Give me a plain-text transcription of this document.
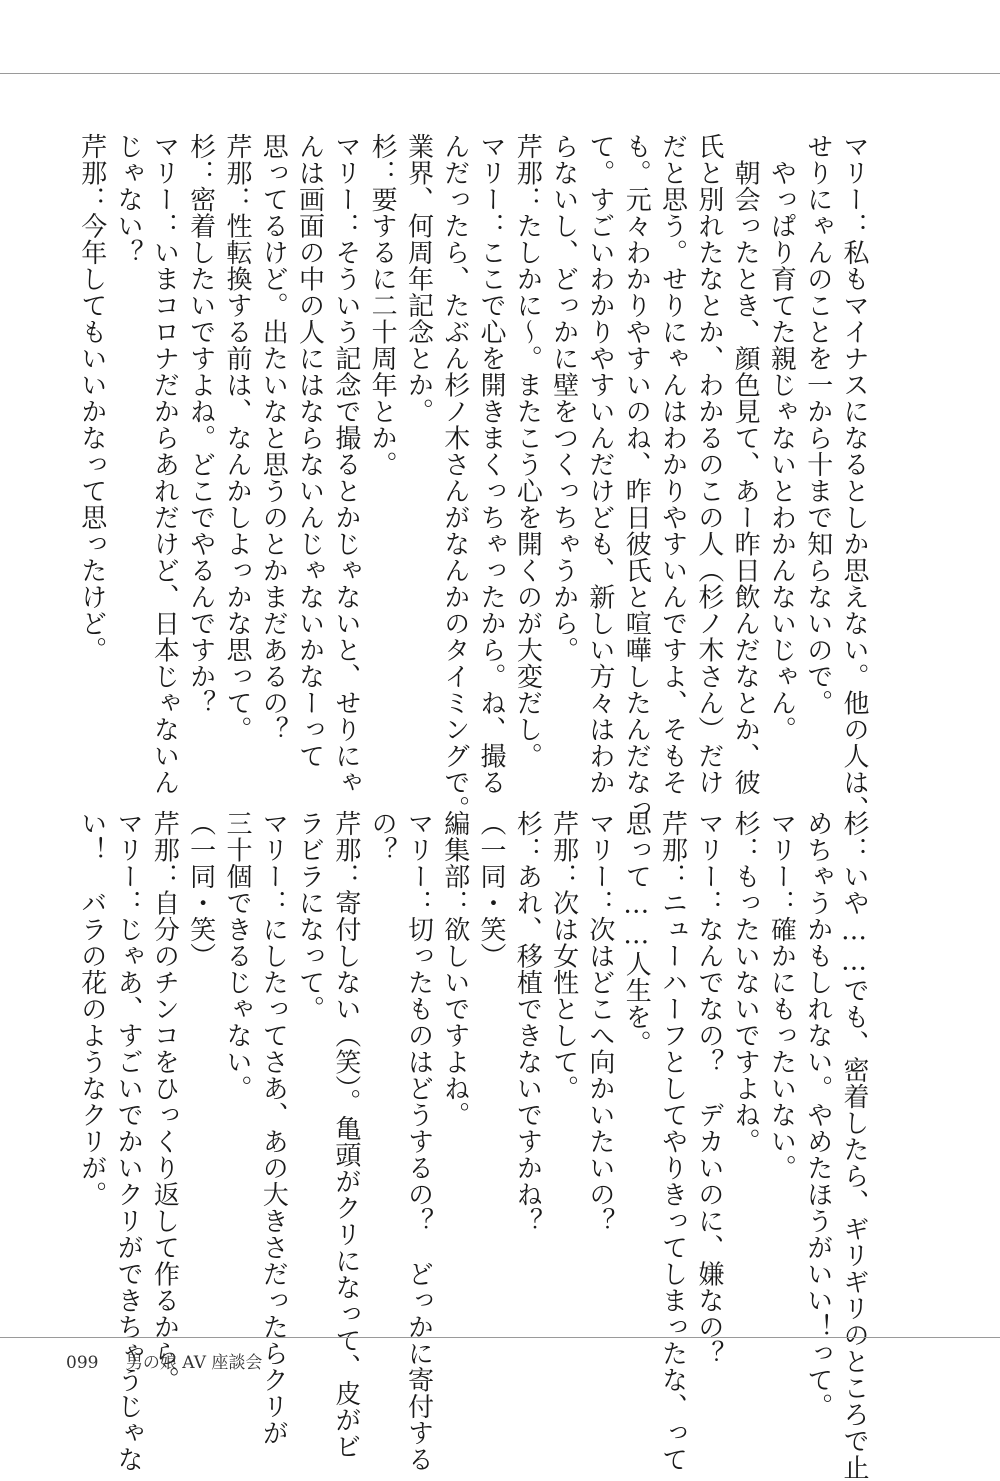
マリー：私もマイナスになるとしか思えない。他の人は、
せりにゃんのことを一から十まで知らないので。
　やっぱり育てた親じゃないとわかんないじゃん。
　朝会ったとき、顔色見て、あー昨日飲んだなとか、彼
氏と別れたなとか、わかるのこの人（杉ノ木さん）だけ
だと思う。せりにゃんはわかりやすいんですよ、そもそ
も。元々わかりやすいのね、昨日彼氏と喧嘩したんだなっ
て。すごいわかりやすいんだけども、新しい方々はわか
らないし、どっかに壁をつくっちゃうから。
芹那：たしかに～。またこう心を開くのが大変だし。
マリー：ここで心を開きまくっちゃったから。ね、撮る
んだったら、たぶん杉ノ木さんがなんかのタイミングで。
業界、何周年記念とか。
杉：要するに二十周年とか。
マリー：そういう記念で撮るとかじゃないと、せりにゃ
んは画面の中の人にはならないんじゃないかなーって
思ってるけど。出たいなと思うのとかまだあるの？
芹那：性転換する前は、なんかしよっかな思って。
杉：密着したいですよね。どこでやるんですか？
マリー：いまコロナだからあれだけど、日本じゃないん
じゃない？
芹那：今年してもいいかなって思ったけど。
杉：いや……でも、密着したら、ギリギリのところで止
めちゃうかもしれない。やめたほうがいい！って。
マリー：確かにもったいない。
杉：もったいないですよね。
マリー：なんでなの？　デカいのに、嫌なの？
芹那：ニューハーフとしてやりきってしまったな、って
思って……人生を。
マリー：次はどこへ向かいたいの？
芹那：次は女性として。
杉：あれ、移植できないですかね？
（一同・笑）
編集部：欲しいですよね。
マリー：切ったものはどうするの？　どっかに寄付する
の？
芹那：寄付しない（笑）。亀頭がクリになって、皮がビ
ラビラになって。
マリー：にしたってさあ、あの大きさだったらクリが
三十個できるじゃない。
（一同・笑）
芹那：自分のチンコをひっくり返して作るから。
マリー：じゃあ、すごいでかいクリができちゃうじゃな
い！　バラの花のようなクリが。
099 男の娘 AV 座談会
